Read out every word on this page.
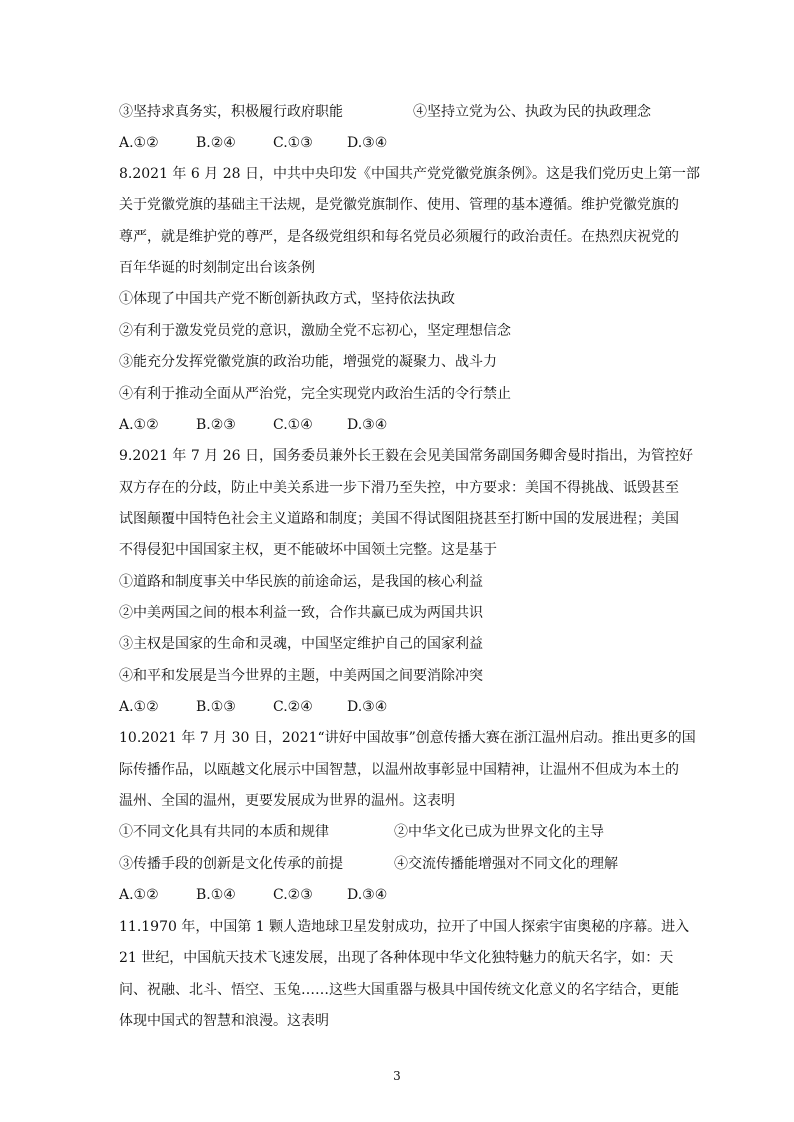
③坚持求真务实，积极履行政府职能	④坚持立党为公、执政为民的执政理念
A.①②	B.②④	C.①③ D.③④
8.2021 年 6 月 28 日，中共中央印发《中国共产党党徽党旗条例》。这是我们党历史上第一部
关于党徽党旗的基础主干法规，是党徽党旗制作、使用、管理的基本遵循。维护党徽党旗的
尊严，就是维护党的尊严，是各级党组织和每名党员必须履行的政治责任。在热烈庆祝党的
百年华诞的时刻制定出台该条例
①体现了中国共产党不断创新执政方式，坚持依法执政
②有利于激发党员党的意识，激励全党不忘初心，坚定理想信念
③能充分发挥党徽党旗的政治功能，增强党的凝聚力、战斗力
④有利于推动全面从严治党，完全实现党内政治生活的令行禁止
A.①②	B.②③	C.①④ D.③④
9.2021 年 7 月 26 日，国务委员兼外长王毅在会见美国常务副国务卿舍曼时指出，为管控好
双方存在的分歧，防止中美关系进一步下滑乃至失控，中方要求：美国不得挑战、诋毁甚至
试图颠覆中国特色社会主义道路和制度；美国不得试图阻挠甚至打断中国的发展进程；美国
不得侵犯中国国家主权，更不能破坏中国领土完整。这是基于
①道路和制度事关中华民族的前途命运，是我国的核心利益
②中美两国之间的根本利益一致，合作共赢已成为两国共识
③主权是国家的生命和灵魂，中国坚定维护自己的国家利益
④和平和发展是当今世界的主题，中美两国之间要消除冲突
A.①②	B.①③	C.②④ D.③④
10.2021 年 7 月 30 日，2021“讲好中国故事”创意传播大赛在浙江温州启动。推出更多的国
际传播作品，以瓯越文化展示中国智慧，以温州故事彰显中国精神，让温州不但成为本土的
温州、全国的温州，更要发展成为世界的温州。这表明
①不同文化具有共同的本质和规律	②中华文化已成为世界文化的主导
③传播手段的创新是文化传承的前提	④交流传播能增强对不同文化的理解
A.①②	B.①④	C.②③ D.③④
11.1970 年，中国第 1 颗人造地球卫星发射成功，拉开了中国人探索宇宙奥秘的序幕。进入
21 世纪，中国航天技术飞速发展，出现了各种体现中华文化独特魅力的航天名字，如：天
问、祝融、北斗、悟空、玉兔……这些大国重器与极具中国传统文化意义的名字结合，更能
体现中国式的智慧和浪漫。这表明
3
